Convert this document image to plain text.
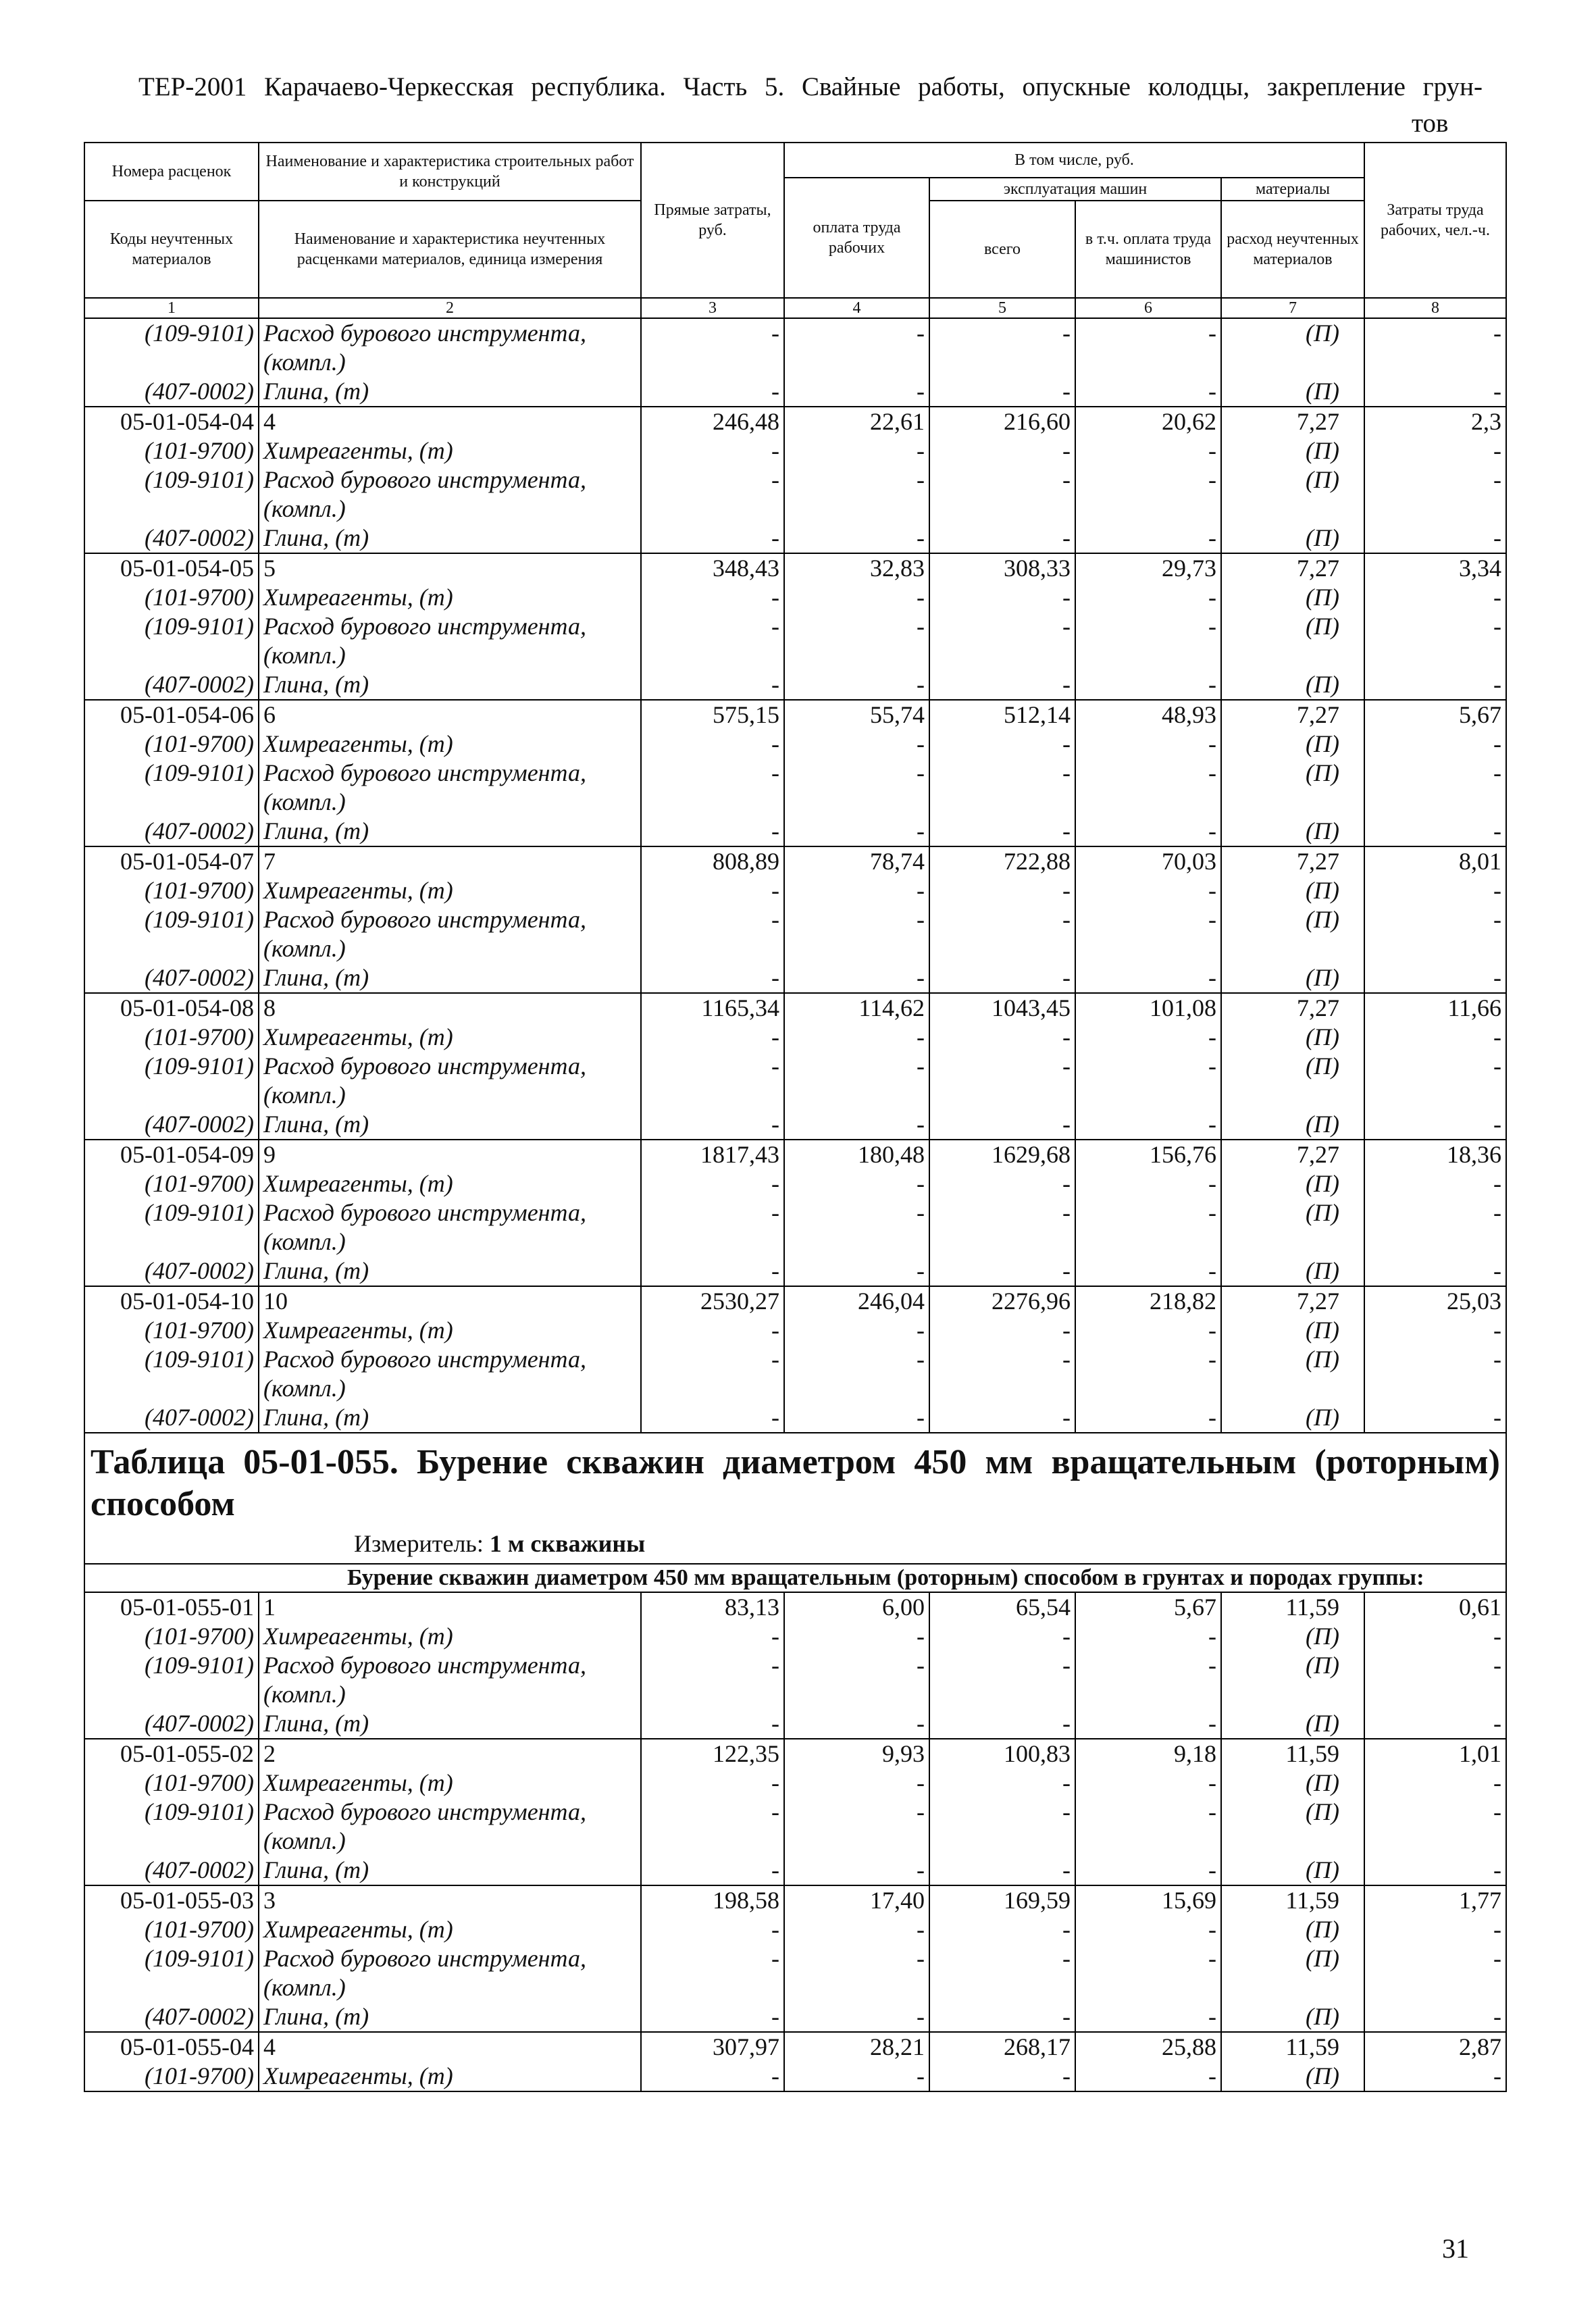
ТЕР-2001 Карачаево-Черкесская республика. Часть 5. Свайные работы, опускные колодцы, закрепление грун-
тов
Номера расценок	Наименование и характеристика строительных работ и конструкций	Прямые затраты, руб.	В том числе, руб.				Затраты труда рабочих, чел.-ч.
			оплата труда рабочих	эксплуатация машин		материалы	
Коды неучтенных материалов	Наименование и характеристика неучтенных расценками материалов, единица измерения			всего	в т.ч. оплата труда машинистов	расход неучтенных материалов	

1	2	3	4	5	6	7	8
(109-9101)	Расход бурового инструмента,	-	-	-	-	(П)	-
	(компл.)						
(407-0002)	Глина, (т)	-	-	-	-	(П)	-
05-01-054-04	4	246,48	22,61	216,60	20,62	7,27	2,3
(101-9700)	Химреагенты, (т)	-	-	-	-	(П)	-
(109-9101)	Расход бурового инструмента,	-	-	-	-	(П)	-
	(компл.)						
(407-0002)	Глина, (т)	-	-	-	-	(П)	-
05-01-054-05	5	348,43	32,83	308,33	29,73	7,27	3,34
(101-9700)	Химреагенты, (т)	-	-	-	-	(П)	-
(109-9101)	Расход бурового инструмента,	-	-	-	-	(П)	-
	(компл.)						
(407-0002)	Глина, (т)	-	-	-	-	(П)	-
05-01-054-06	6	575,15	55,74	512,14	48,93	7,27	5,67
(101-9700)	Химреагенты, (т)	-	-	-	-	(П)	-
(109-9101)	Расход бурового инструмента,	-	-	-	-	(П)	-
	(компл.)						
(407-0002)	Глина, (т)	-	-	-	-	(П)	-
05-01-054-07	7	808,89	78,74	722,88	70,03	7,27	8,01
(101-9700)	Химреагенты, (т)	-	-	-	-	(П)	-
(109-9101)	Расход бурового инструмента,	-	-	-	-	(П)	-
	(компл.)						
(407-0002)	Глина, (т)	-	-	-	-	(П)	-
05-01-054-08	8	1165,34	114,62	1043,45	101,08	7,27	11,66
(101-9700)	Химреагенты, (т)	-	-	-	-	(П)	-
(109-9101)	Расход бурового инструмента,	-	-	-	-	(П)	-
	(компл.)						
(407-0002)	Глина, (т)	-	-	-	-	(П)	-
05-01-054-09	9	1817,43	180,48	1629,68	156,76	7,27	18,36
(101-9700)	Химреагенты, (т)	-	-	-	-	(П)	-
(109-9101)	Расход бурового инструмента,	-	-	-	-	(П)	-
	(компл.)						
(407-0002)	Глина, (т)	-	-	-	-	(П)	-
05-01-054-10	10	2530,27	246,04	2276,96	218,82	7,27	25,03
(101-9700)	Химреагенты, (т)	-	-	-	-	(П)	-
(109-9101)	Расход бурового инструмента,	-	-	-	-	(П)	-
	(компл.)						
(407-0002)	Глина, (т)	-	-	-	-	(П)	-

Таблица 05-01-055. Бурение скважин диаметром 450 мм вращательным (роторным) способом
Измеритель: 1 м скважины							

Бурение скважин диаметром 450 мм вращательным (роторным) способом в грунтах и породах группы:							
05-01-055-01	1	83,13	6,00	65,54	5,67	11,59	0,61
(101-9700)	Химреагенты, (т)	-	-	-	-	(П)	-
(109-9101)	Расход бурового инструмента,	-	-	-	-	(П)	-
	(компл.)						
(407-0002)	Глина, (т)	-	-	-	-	(П)	-
05-01-055-02	2	122,35	9,93	100,83	9,18	11,59	1,01
(101-9700)	Химреагенты, (т)	-	-	-	-	(П)	-
(109-9101)	Расход бурового инструмента,	-	-	-	-	(П)	-
	(компл.)						
(407-0002)	Глина, (т)	-	-	-	-	(П)	-
05-01-055-03	3	198,58	17,40	169,59	15,69	11,59	1,77
(101-9700)	Химреагенты, (т)	-	-	-	-	(П)	-
(109-9101)	Расход бурового инструмента,	-	-	-	-	(П)	-
	(компл.)						
(407-0002)	Глина, (т)	-	-	-	-	(П)	-
05-01-055-04	4	307,97	28,21	268,17	25,88	11,59	2,87
(101-9700)	Химреагенты, (т)	-	-	-	-	(П)	-
31
